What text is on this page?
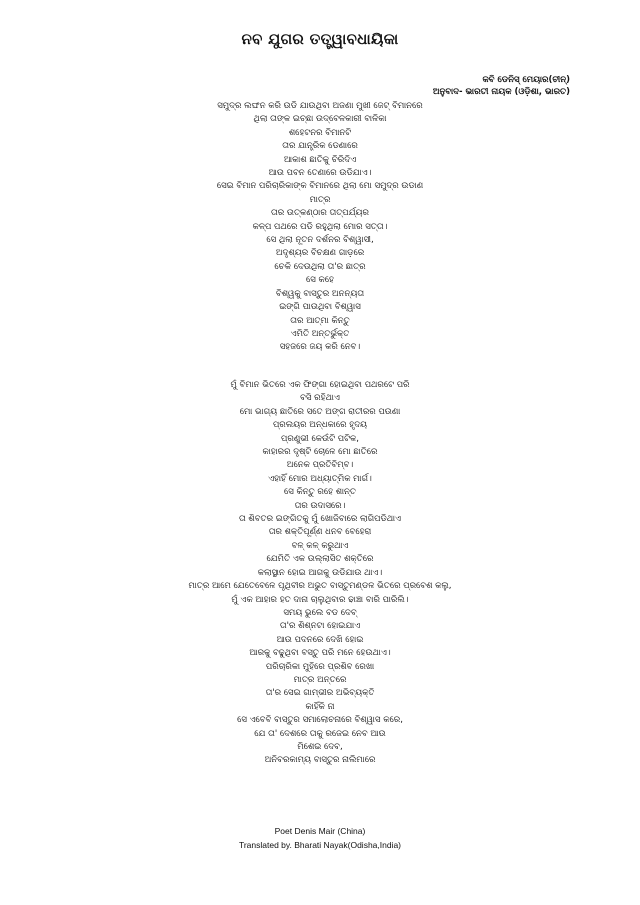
ନବ ଯୁଗର ତତ୍ତ୍ୱାବଧାୟିକା
କବି ଡେନିସ୍ ମେୟାର(ଚୀନ୍)
ଅନୁବାଦ- ଭାରତୀ ନାୟକ (ଓଡ଼ିଶା, ଭାରତ)
ସମୁଦ୍ର ଲଙ୍ଘନ କରି ଉଡି ଯାଉଥିବା ଅଜଣା ମୁଖୀ ଜେଟ୍ ବିମାନରେ
ଥିଲା ତାଙ୍କ ଇଚ୍ଛା ଉଦ୍ବେଳକାରୀ ବାଳିକା
ଶହେଟନର ବିମାନଟି
ତାର ଯାନ୍ତ୍ରିକ ଡେଣାରେ
ଆକାଶ ଛାତିକୁ ଚିରିଦିଏ
ଆଉ ପବନ ତେଣାରେ ଉଡିଯାଏ।
ସେଇ ବିମାନ ପରିଚାରିକାଙ୍କ ବିମାନରେ ଥିଲା ମୋ ସମୁଦ୍ର ଉଡାଣ
ମାତ୍ର
ତାର ଉତ୍କଣ୍ଠାର ତାତ୍ପର୍ଯ୍ୟର
କଳ୍ପ ପଥରେ ପଡି ରହୁଥିଲା ମୋର ସତ୍ତା।
ସେ ଥିଲା ନୂତନ ଦର୍ଶନର ବିଶ୍ୱାସୀ,
ଅଦୃଶ୍ୟର ବିଚକ୍ଷଣ ଗାଡ଼ରେ
ଚେକି ଦେଉଥିଲା ତା'ର ଛାତ୍ର
ସେ କହେ
ବିଶ୍ୱକୁ ବାସ୍ତୁର ଅନନ୍ୟତା
ଇଙ୍ଗି ପାଉଥିବା ବିଶ୍ୱାସ
ତାର ଆତ୍ମା କିନ୍ତୁ
ଏମିତି ଅନ୍ତର୍ଭୁକ୍ତ
ସହଜରେ ଜୟ କରି ନେବ।
ମୁଁ ବିମାନ ଭିତରେ ଏକ ଫିଙ୍ଗା ହୋଇଥିବା ପଥରଟେ ପରି
ବସି ରହିଥାଏ
ମୋ ଭାଗ୍ୟ ଛାତିରେ ସତେ ଅଙ୍ଗ ରାତୀରର ପଉଣା
ପ୍ରଲୟର ଅନ୍ଧକାରେ ହୃଦୟ
ପ୍ରଣୁଭୀ କେଉଁଟି ପଟିକ,
କାହାରର ଦୃଷ୍ଟି ଚୋଳେ ମୋ ଛାତିରେ
ଅନେକ ପ୍ରତିବିମ୍ବ।
ଏହାହିଁ ମୋର ଅଧ୍ୟାତ୍ମିକ ମାର୍ଗ।
ସେ କିନ୍ତୁ ରହେ ଶାନ୍ତ
ତାର ଉଦାସରେ।
ତା ଶିବତର ଇଙ୍ଗିତକୁ ମୁଁ ଖୋଜିବାରେ ଲାଗିପଡିଥାଏ
ତାର ଶକ୍ତିପୂର୍ଣ୍ଣ ଧନବ ବେହେରା
ବଳ୍ କଳ୍ କରୁଥାଏ
ଯେମିତି ଏକ ଉଲ୍ଲାସିତ ଶକ୍ତିରେ
କଲାସ୍ଥାନ ହୋଇ ଆଗକୁ ଉଡିଯାଉ ଥାଏ।
ମାତ୍ର ଆମେ ଯେତେବେଳେ ପୃଥିବୀର ଅଭୁତ ବାସ୍ତୁମଣ୍ଡଳ ଭିତରେ ପ୍ରବେଶ କଲୁ,
ମୁଁ ଏକ ଆହାର ହତ ଦାନା ଚାଲୁଥିବାର ଢାଞ୍ଚା ବାରି ପାରିଲି।
ସମୟ ଭୁଲେ ବଡ ଦେବ୍
ତା'ର ଶିଶ୍ନଟା ହୋଇଯାଏ
ଆଉ ପଦନରେ ଦେଖି ହୋଇ
ଆରକୁ ବଢୁଥିବା ବସ୍ତୁ ପରି ମନେ ହେଉଥାଏ।
ପରିଚାରିକା ମୁହିରେ ପ୍ରଶିବ ରେଖା
ମାତ୍ର ଅନ୍ତରେ
ତା'ର ସେଇ ଗାମ୍ଭୀର ଅଭିବ୍ୟକ୍ତି
କାହିଁକି ନା
ସେ ଏବେବି ବାସ୍ତୁର ସମାଲୋଚନାରେ ବିଶ୍ୱାସ କରେ,
ଯେ ତା' ଦେଶରେ ତାକୁ ରଜେଇ ନେବ ଆଉ
ମିଶେଇ ଦେବ,
ଅନିବରକାମ୍ୟ ବାସ୍ତୁର ନାଲିମାରେ
Poet Denis Mair (China)
Translated by. Bharati Nayak(Odisha,India)
